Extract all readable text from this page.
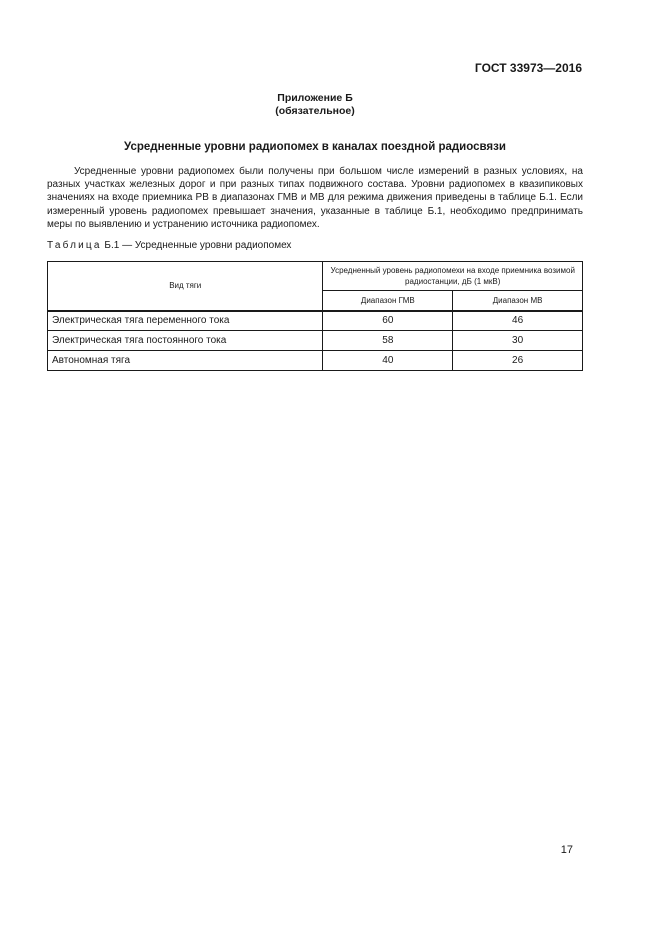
ГОСТ 33973—2016
Приложение Б
(обязательное)
Усредненные уровни радиопомех в каналах поездной радиосвязи

Усредненные уровни радиопомех были получены при большом числе измерений в разных условиях, на разных участках железных дорог и при разных типах подвижного состава. Уровни радиопомех в квазипиковых значениях на входе приемника РВ в диапазонах ГМВ и МВ для режима движения приведены в таблице Б.1. Если измеренный уровень радиопомех превышает значения, указанные в таблице Б.1, необходимо предпринимать меры по выявлению и устранению источника радиопомех.

Таблица Б.1 — Усредненные уровни радиопомех
Вид тяги	Усредненный уровень радиопомехи на входе приемника возимой радиостанции, дБ (1 мкВ)	
	Диапазон ГМВ	Диапазон МВ
Электрическая тяга переменного тока	60	46
Электрическая тяга постоянного тока	58	30
Автономная тяга	40	26
17
